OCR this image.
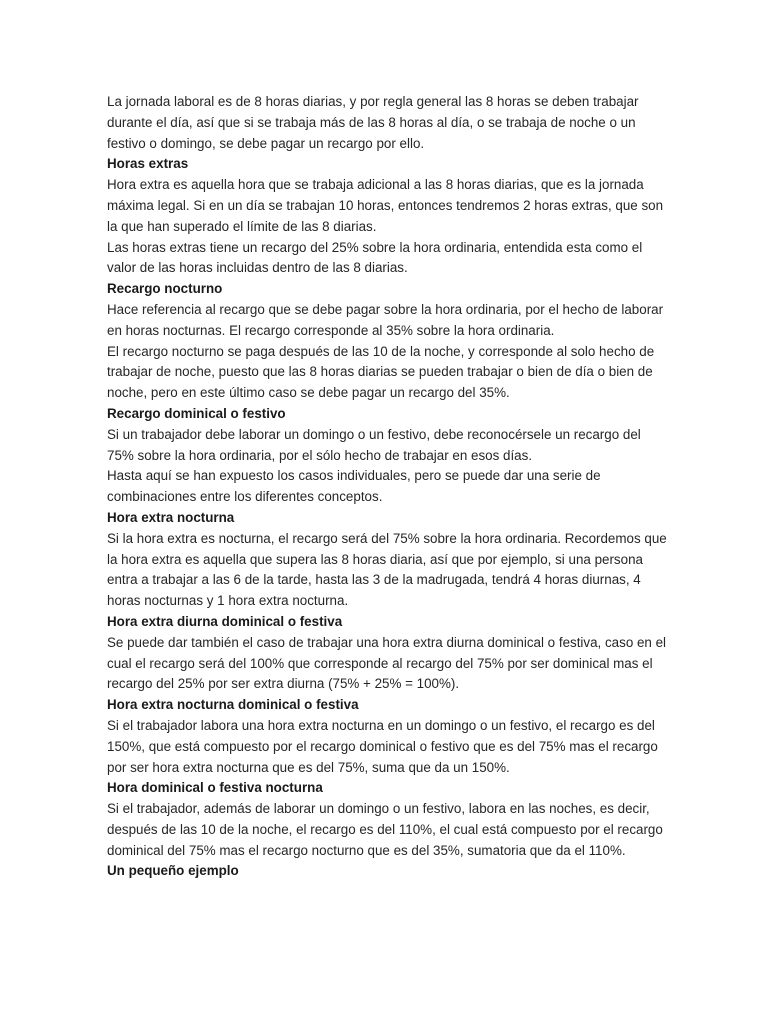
La jornada laboral es de 8 horas diarias, y por regla general las 8 horas se deben trabajar durante el día, así que si se trabaja más de las 8 horas al día, o se trabaja de noche o un festivo o domingo, se debe pagar un recargo por ello.

Horas extras

Hora extra es aquella hora que se trabaja adicional a las 8 horas diarias, que es la jornada máxima legal. Si en un día se trabajan 10 horas, entonces tendremos 2 horas extras, que son la que han superado el límite de las 8 diarias.

Las horas extras tiene un recargo del 25% sobre la hora ordinaria, entendida esta como el valor de las horas incluidas dentro de las 8 diarias.

Recargo nocturno

Hace referencia al recargo que se debe pagar sobre la hora ordinaria, por el hecho de laborar en horas nocturnas. El recargo corresponde al 35% sobre la hora ordinaria.

El recargo nocturno se paga después de las 10 de la noche, y corresponde al solo hecho de trabajar de noche, puesto que las 8 horas diarias se pueden trabajar o bien de día o bien de noche, pero en este último caso se debe pagar un recargo del 35%.

Recargo dominical o festivo

Si un trabajador debe laborar un domingo o un festivo, debe reconocérsele un recargo del 75% sobre la hora ordinaria, por el sólo hecho de trabajar en esos días.

Hasta aquí se han expuesto los casos individuales, pero se puede dar una serie de combinaciones entre los diferentes conceptos.

Hora extra nocturna

Si la hora extra es nocturna, el recargo será del 75% sobre la hora ordinaria. Recordemos que la hora extra es aquella que supera las 8 horas diaria, así que por ejemplo, si una persona entra a trabajar a las 6 de la tarde, hasta las 3 de la madrugada, tendrá 4 horas diurnas, 4 horas nocturnas y 1 hora extra nocturna.

Hora extra diurna dominical o festiva

Se puede dar también el caso de trabajar una hora extra diurna dominical o festiva, caso en el cual el recargo será del 100% que corresponde al recargo del 75% por ser dominical mas el recargo del 25% por ser extra diurna (75% + 25% = 100%).

Hora extra nocturna dominical o festiva

Si el trabajador labora una hora extra nocturna en un domingo o un festivo, el recargo es del 150%, que está compuesto por el recargo dominical o festivo que es del 75% mas el recargo por ser hora extra nocturna que es del 75%, suma que da un 150%.

Hora dominical o festiva nocturna

Si el trabajador, además de laborar un domingo o un festivo, labora en las noches, es decir, después de las 10 de la noche, el recargo es del 110%, el cual está compuesto por el recargo dominical del 75% mas el recargo nocturno que es del 35%, sumatoria que da el 110%.

Un pequeño ejemplo
